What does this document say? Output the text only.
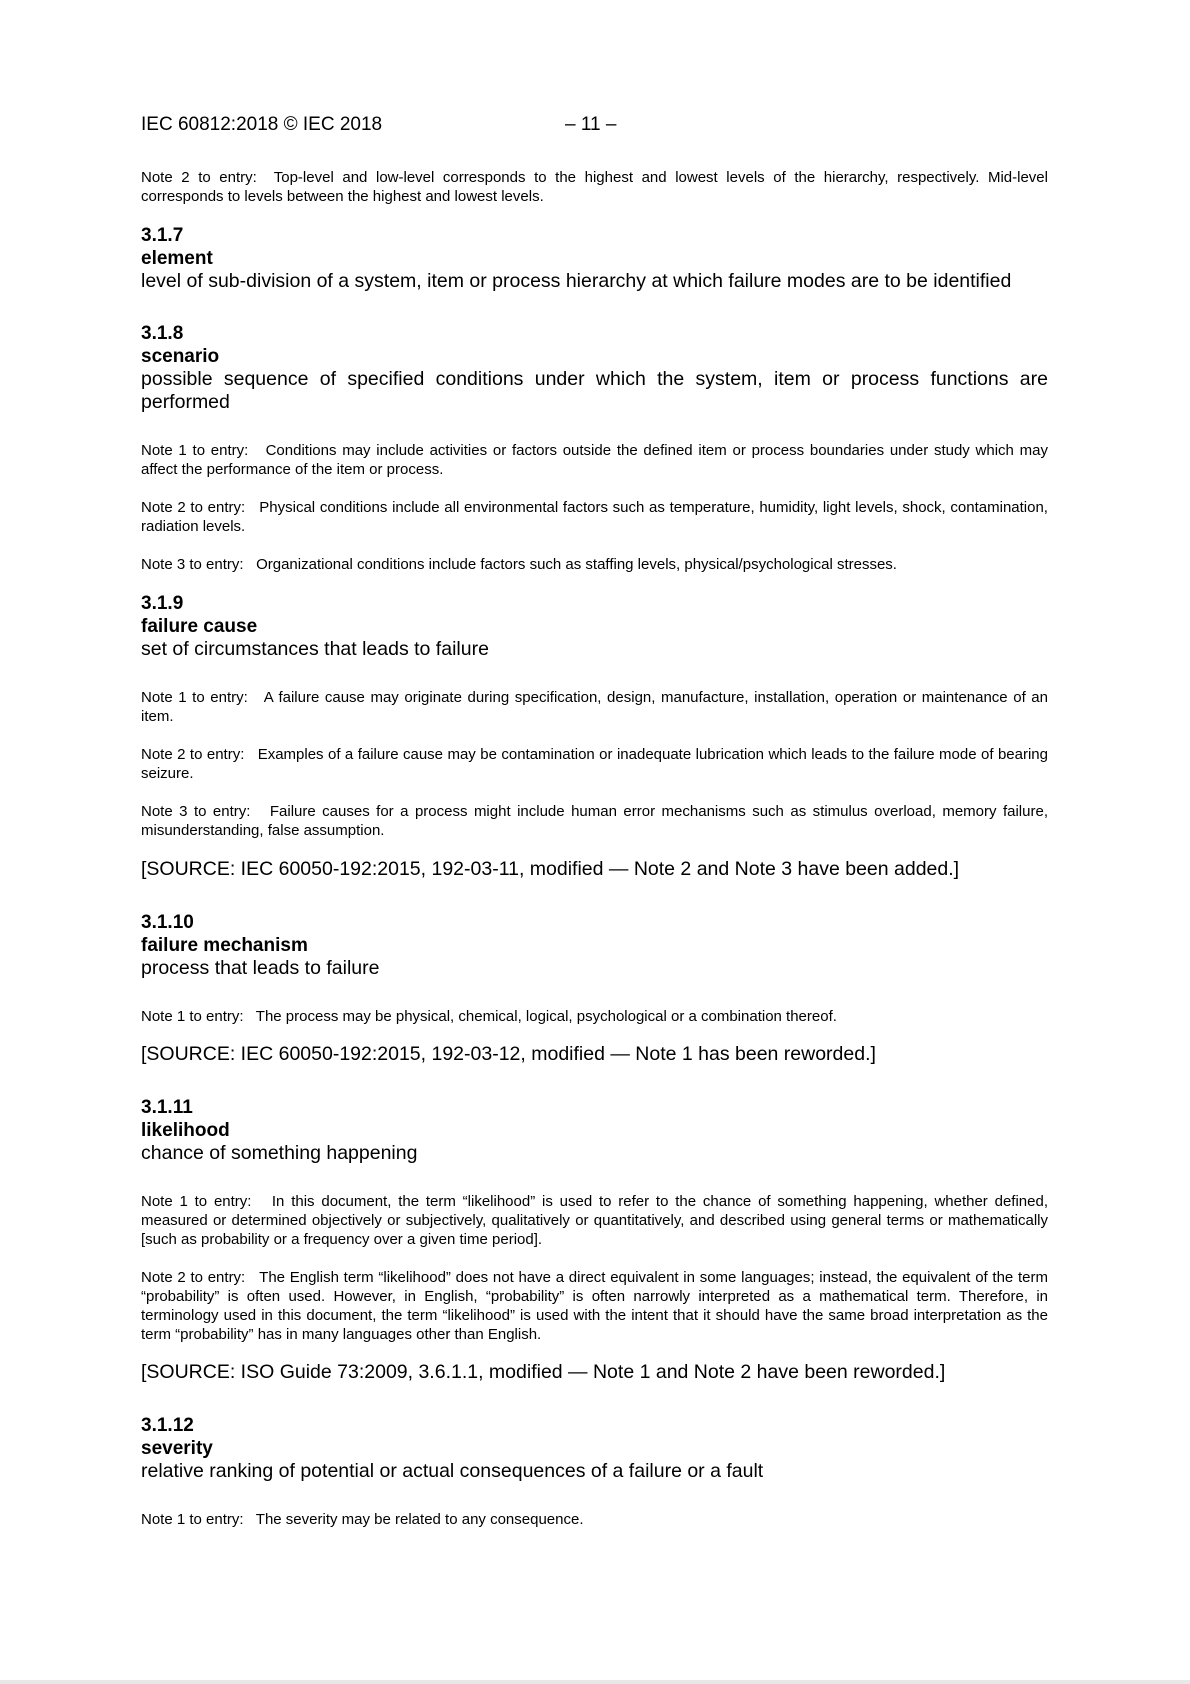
IEC 60812:2018 © IEC 2018	– 11 –

Note 2 to entry: Top-level and low-level corresponds to the highest and lowest levels of the hierarchy, respectively. Mid-level corresponds to levels between the highest and lowest levels.

3.1.7

element

level of sub-division of a system, item or process hierarchy at which failure modes are to be identified

3.1.8

scenario

possible sequence of specified conditions under which the system, item or process functions are performed

Note 1 to entry: Conditions may include activities or factors outside the defined item or process boundaries under study which may affect the performance of the item or process.

Note 2 to entry: Physical conditions include all environmental factors such as temperature, humidity, light levels, shock, contamination, radiation levels.

Note 3 to entry: Organizational conditions include factors such as staffing levels, physical/psychological stresses.

3.1.9

failure cause

set of circumstances that leads to failure

Note 1 to entry: A failure cause may originate during specification, design, manufacture, installation, operation or maintenance of an item.

Note 2 to entry: Examples of a failure cause may be contamination or inadequate lubrication which leads to the failure mode of bearing seizure.

Note 3 to entry: Failure causes for a process might include human error mechanisms such as stimulus overload, memory failure, misunderstanding, false assumption.

[SOURCE: IEC 60050-192:2015, 192-03-11, modified — Note 2 and Note 3 have been added.]

3.1.10

failure mechanism

process that leads to failure

Note 1 to entry: The process may be physical, chemical, logical, psychological or a combination thereof.

[SOURCE: IEC 60050-192:2015, 192-03-12, modified — Note 1 has been reworded.]

3.1.11

likelihood

chance of something happening

Note 1 to entry: In this document, the term “likelihood” is used to refer to the chance of something happening, whether defined, measured or determined objectively or subjectively, qualitatively or quantitatively, and described using general terms or mathematically [such as probability or a frequency over a given time period].

Note 2 to entry: The English term “likelihood” does not have a direct equivalent in some languages; instead, the equivalent of the term “probability” is often used. However, in English, “probability” is often narrowly interpreted as a mathematical term. Therefore, in terminology used in this document, the term “likelihood” is used with the intent that it should have the same broad interpretation as the term “probability” has in many languages other than English.

[SOURCE: ISO Guide 73:2009, 3.6.1.1, modified — Note 1 and Note 2 have been reworded.]

3.1.12

severity

relative ranking of potential or actual consequences of a failure or a fault

Note 1 to entry: The severity may be related to any consequence.
